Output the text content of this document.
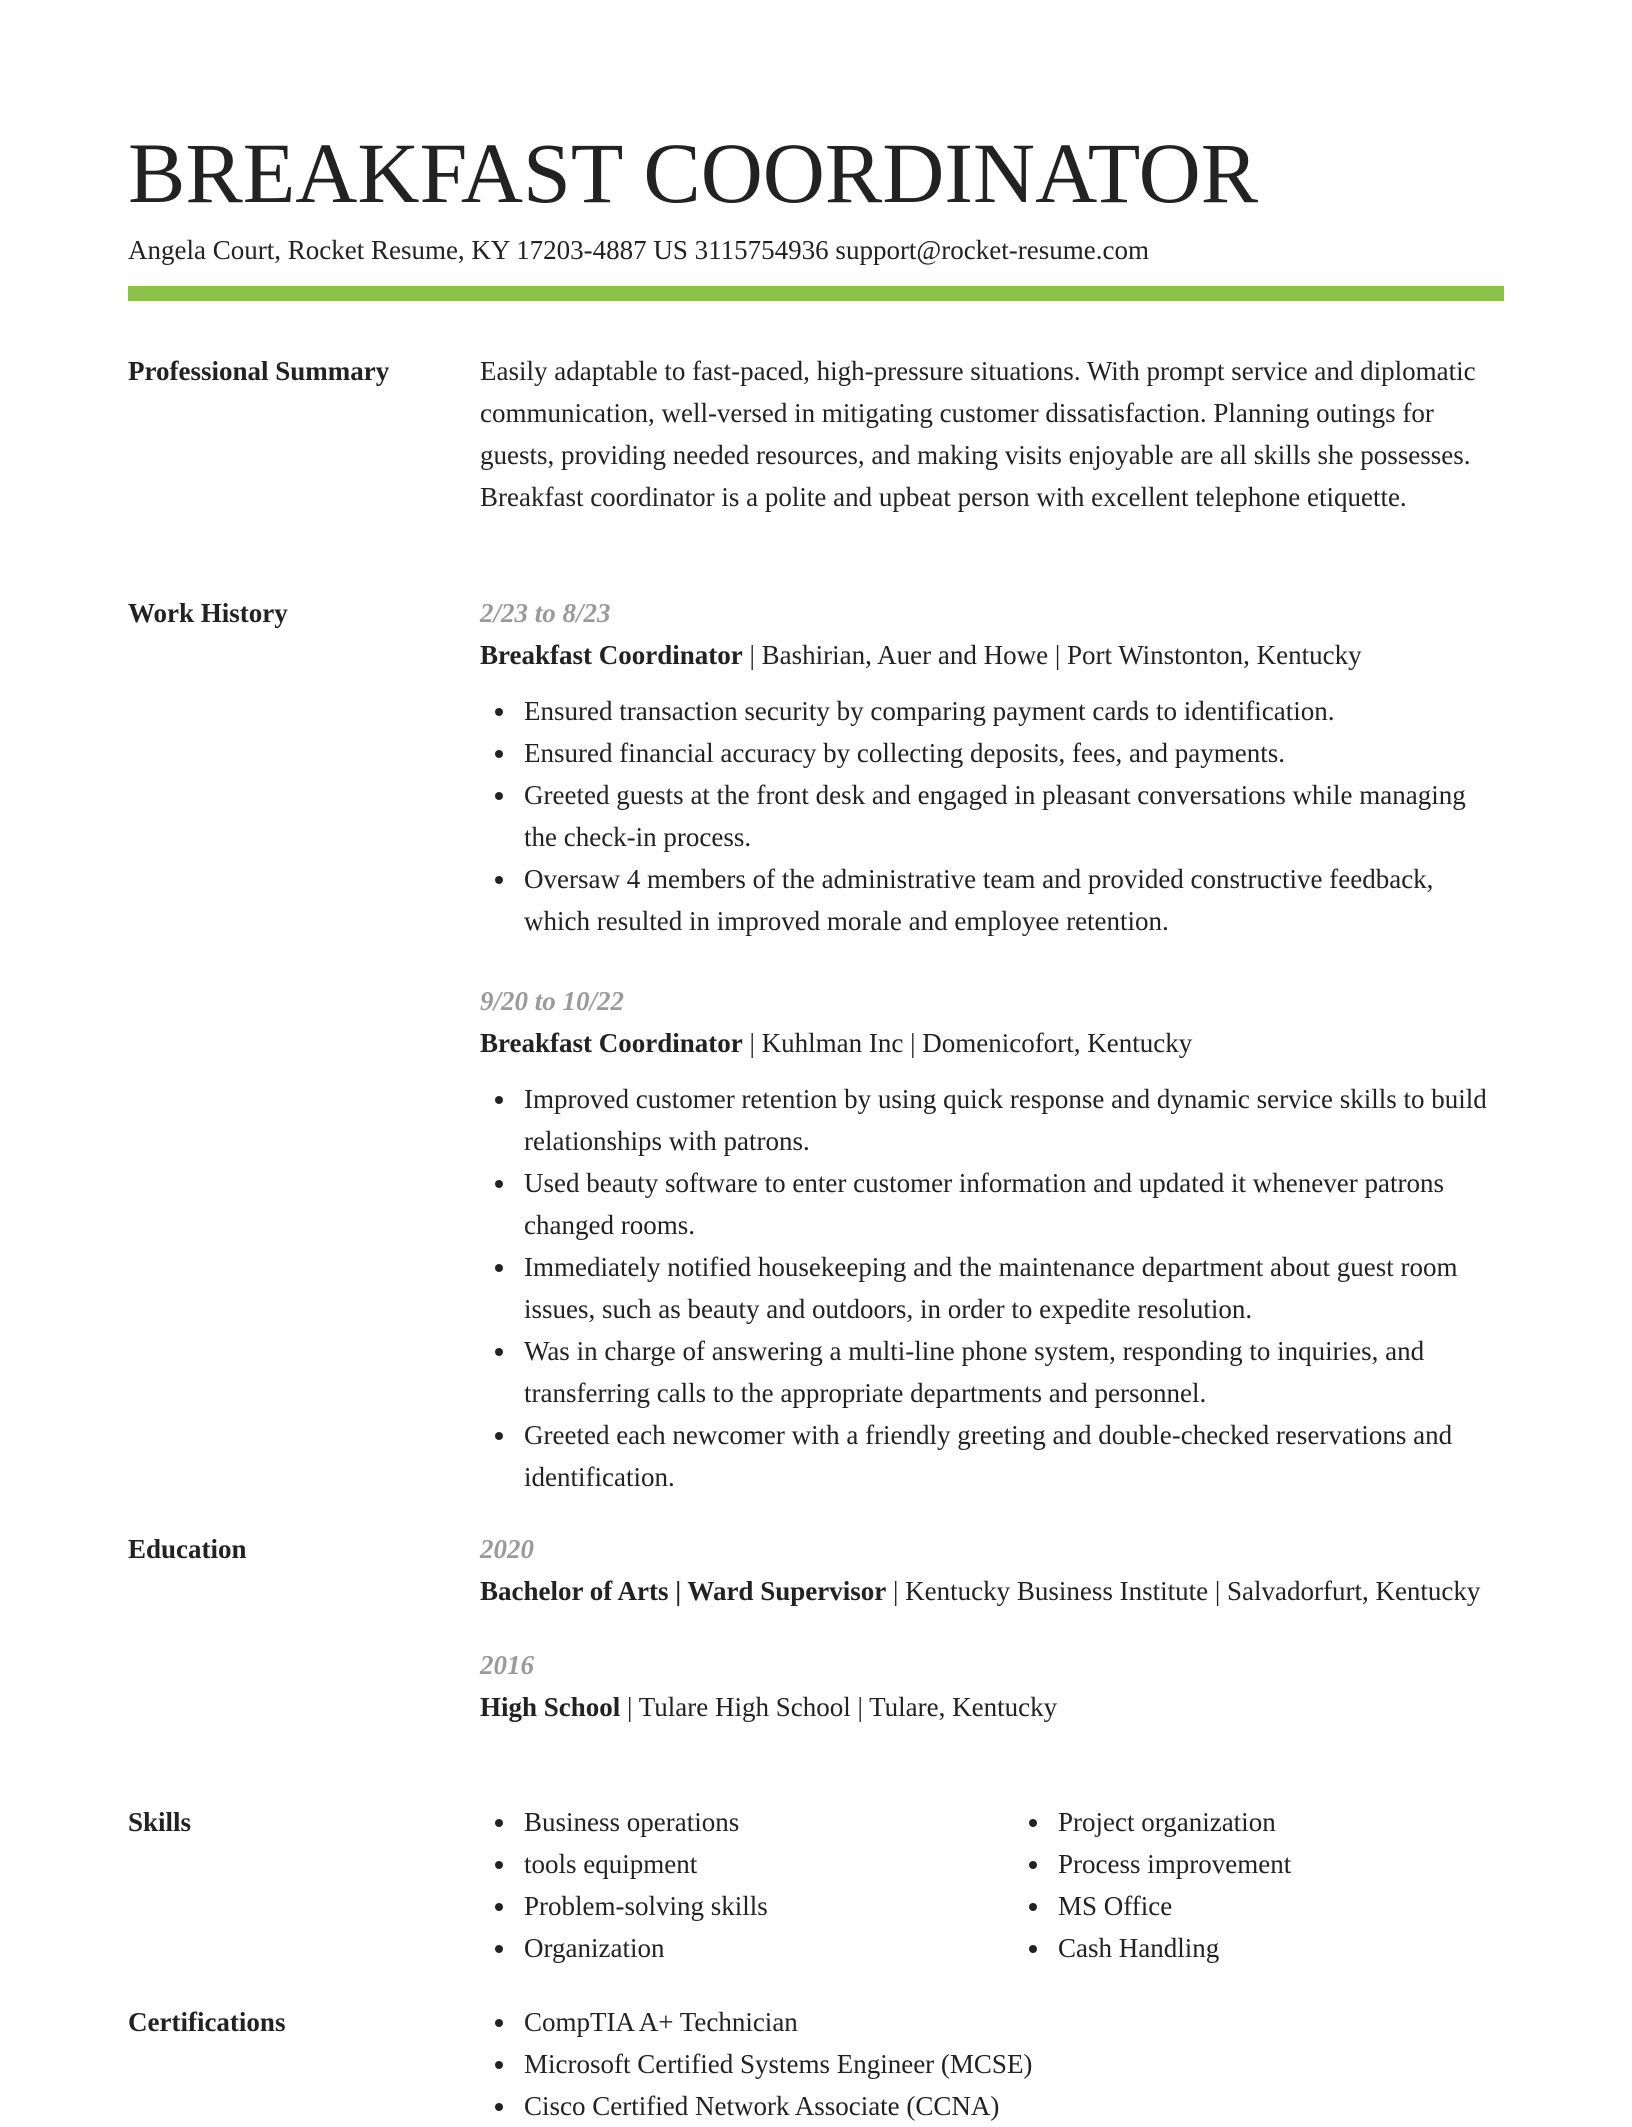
BREAKFAST COORDINATOR
Angela Court, Rocket Resume, KY 17203-4887 US 3115754936 support@rocket-resume.com
Professional Summary	Easily adaptable to fast-paced, high-pressure situations. With prompt service and diplomatic communication, well-versed in mitigating customer dissatisfaction. Planning outings for guests, providing needed resources, and making visits enjoyable are all skills she possesses. Breakfast coordinator is a polite and upbeat person with excellent telephone etiquette.

Work History	2/23 to 8/23
Breakfast Coordinator | Bashirian, Auer and Howe | Port Winstonton, Kentucky
Ensured transaction security by comparing payment cards to identification.
Ensured financial accuracy by collecting deposits, fees, and payments.
Greeted guests at the front desk and engaged in pleasant conversations while managing the check-in process.
Oversaw 4 members of the administrative team and provided constructive feedback, which resulted in improved morale and employee retention.
9/20 to 10/22
Breakfast Coordinator | Kuhlman Inc | Domenicofort, Kentucky
Improved customer retention by using quick response and dynamic service skills to build relationships with patrons.
Used beauty software to enter customer information and updated it whenever patrons changed rooms.
Immediately notified housekeeping and the maintenance department about guest room issues, such as beauty and outdoors, in order to expedite resolution.
Was in charge of answering a multi-line phone system, responding to inquiries, and transferring calls to the appropriate departments and personnel.
Greeted each newcomer with a friendly greeting and double-checked reservations and identification.
Education	2020
Bachelor of Arts | Ward Supervisor | Kentucky Business Institute | Salvadorfurt, Kentucky
2016
High School | Tulare High School | Tulare, Kentucky
Skills	Business operations
tools equipment
Problem-solving skills
Organization
Project organization
Process improvement
MS Office
Cash Handling
Certifications	CompTIA A+ Technician
Microsoft Certified Systems Engineer (MCSE)
Cisco Certified Network Associate (CCNA)
